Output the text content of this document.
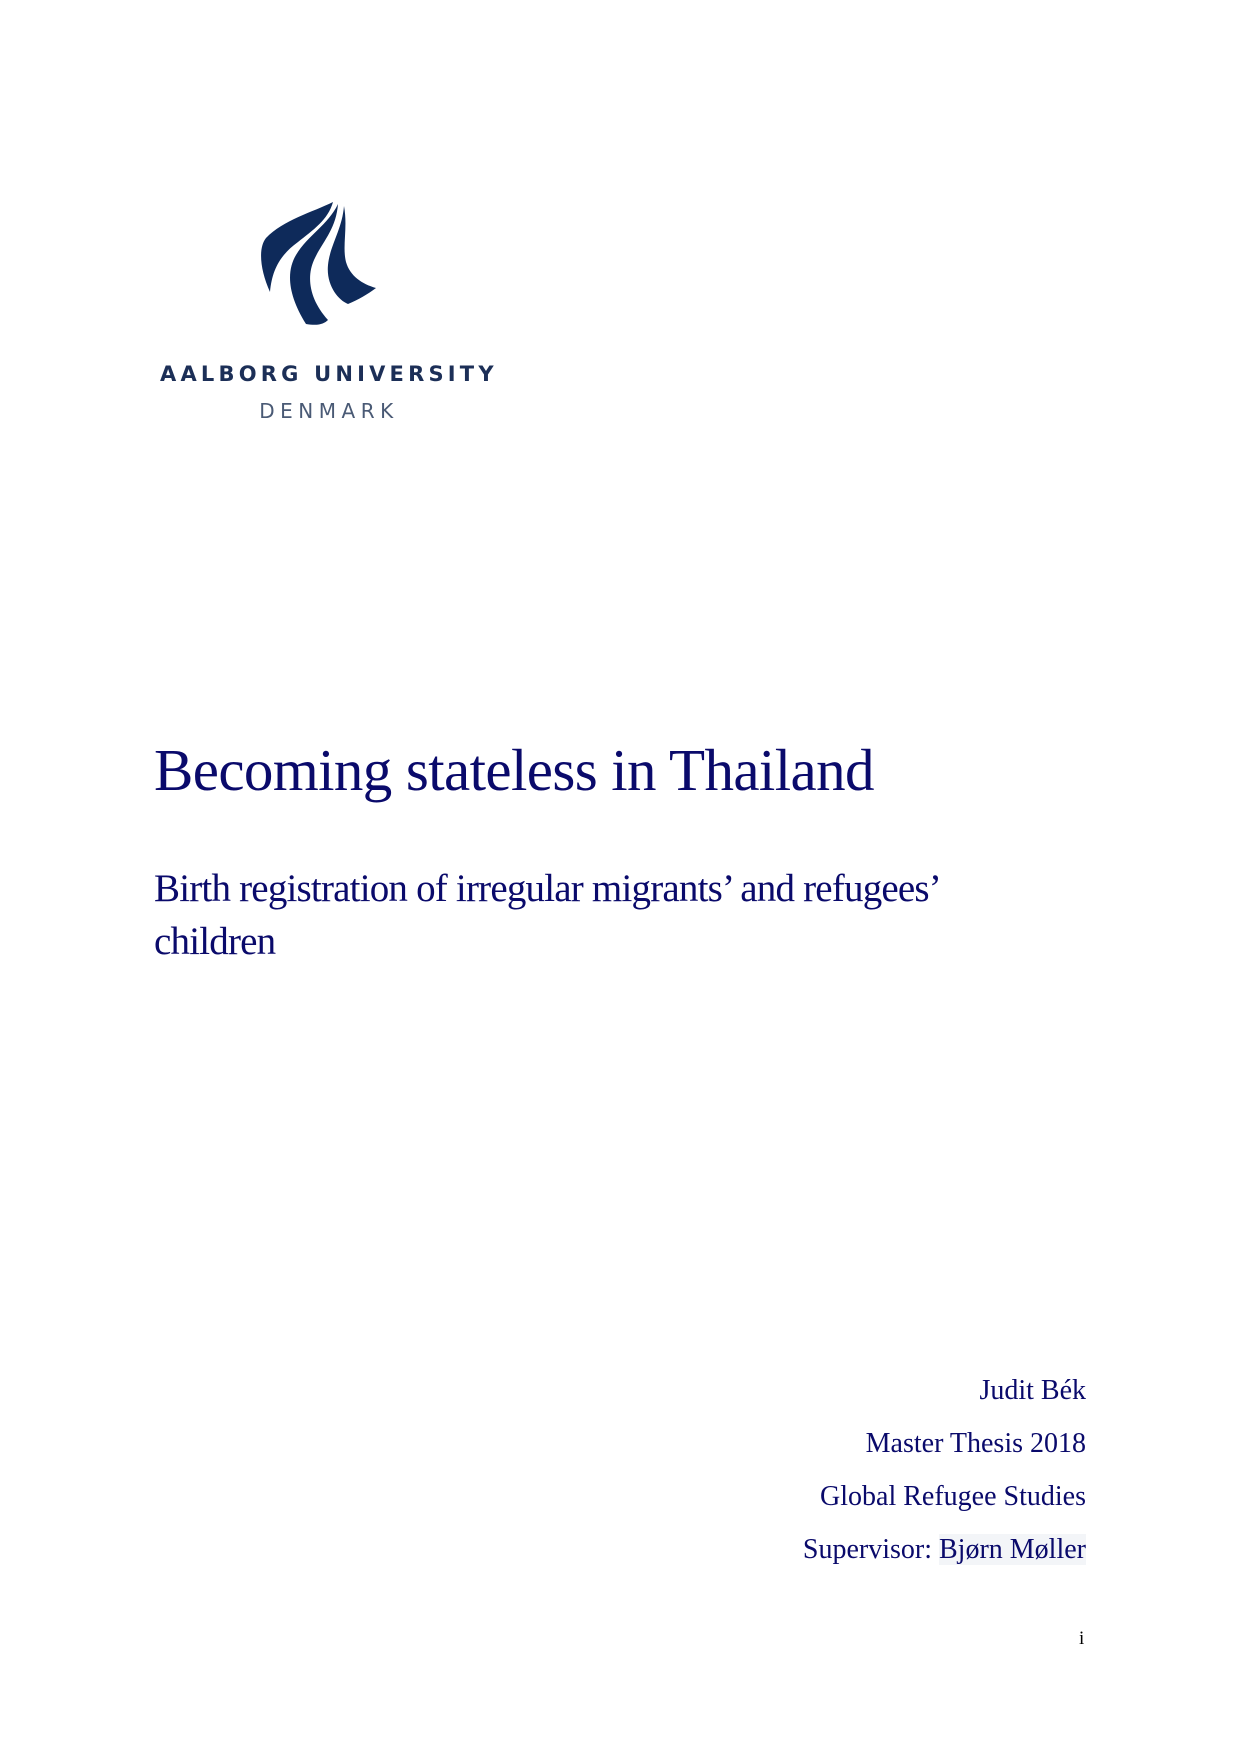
AALBORG UNIVERSITY
DENMARK
Becoming stateless in Thailand
Birth registration of irregular migrants’ and refugees’ children
Judit Bék
Master Thesis 2018
Global Refugee Studies
Supervisor: Bjørn Møller
i
